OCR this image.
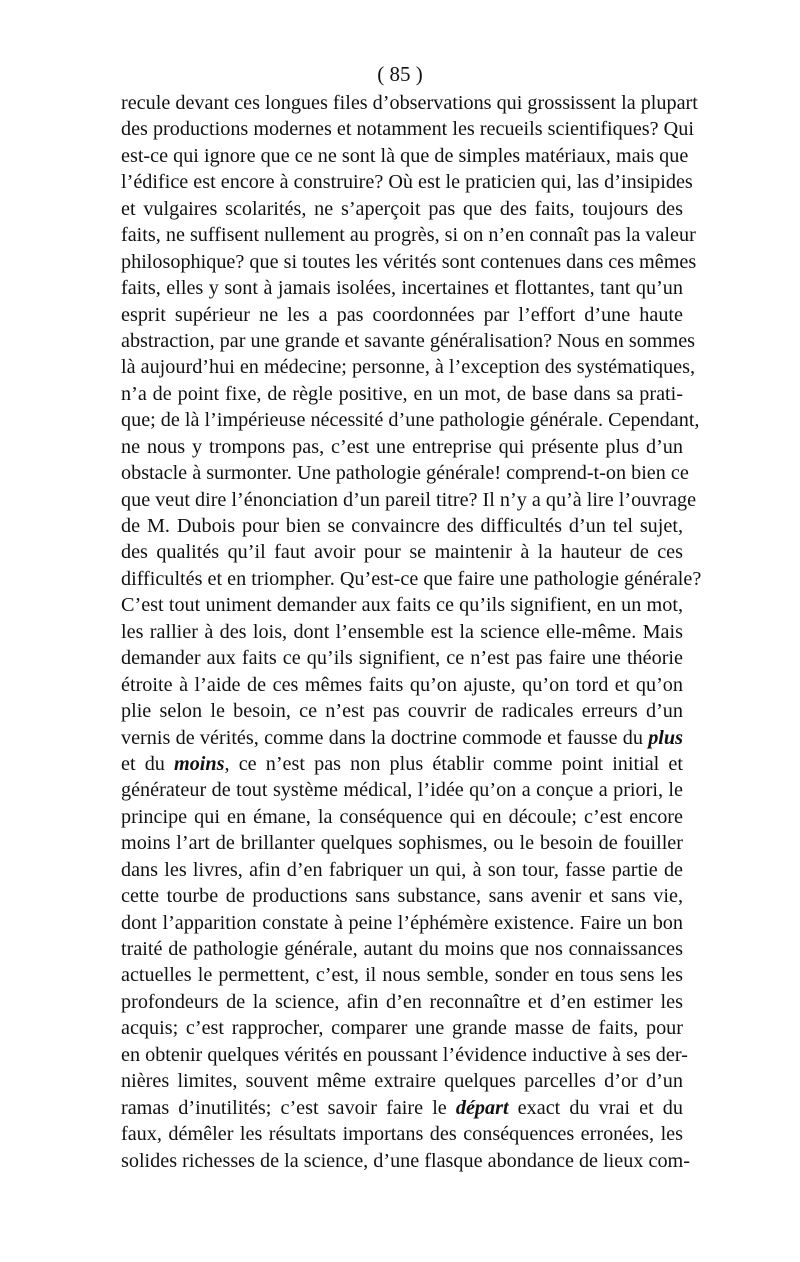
( 85 )
recule devant ces longues files d’observations qui grossissent la plupart
des productions modernes et notamment les recueils scientifiques? Qui
est-ce qui ignore que ce ne sont là que de simples matériaux, mais que
l’édifice est encore à construire? Où est le praticien qui, las d’insipides
et vulgaires scolarités, ne s’aperçoit pas que des faits, toujours des
faits, ne suffisent nullement au progrès, si on n’en connaît pas la valeur
philosophique? que si toutes les vérités sont contenues dans ces mêmes
faits, elles y sont à jamais isolées, incertaines et flottantes, tant qu’un
esprit supérieur ne les a pas coordonnées par l’effort d’une haute
abstraction, par une grande et savante généralisation? Nous en sommes
là aujourd’hui en médecine; personne, à l’exception des systématiques,
n’a de point fixe, de règle positive, en un mot, de base dans sa prati-
que; de là l’impérieuse nécessité d’une pathologie générale. Cependant,
ne nous y trompons pas, c’est une entreprise qui présente plus d’un
obstacle à surmonter. Une pathologie générale! comprend-t-on bien ce
que veut dire l’énonciation d’un pareil titre? Il n’y a qu’à lire l’ouvrage
de M. Dubois pour bien se convaincre des difficultés d’un tel sujet,
des qualités qu’il faut avoir pour se maintenir à la hauteur de ces
difficultés et en triompher. Qu’est-ce que faire une pathologie générale?
C’est tout uniment demander aux faits ce qu’ils signifient, en un mot,
les rallier à des lois, dont l’ensemble est la science elle-même. Mais
demander aux faits ce qu’ils signifient, ce n’est pas faire une théorie
étroite à l’aide de ces mêmes faits qu’on ajuste, qu’on tord et qu’on
plie selon le besoin, ce n’est pas couvrir de radicales erreurs d’un
vernis de vérités, comme dans la doctrine commode et fausse du plus
et du moins, ce n’est pas non plus établir comme point initial et
générateur de tout système médical, l’idée qu’on a conçue a priori, le
principe qui en émane, la conséquence qui en découle; c’est encore
moins l’art de brillanter quelques sophismes, ou le besoin de fouiller
dans les livres, afin d’en fabriquer un qui, à son tour, fasse partie de
cette tourbe de productions sans substance, sans avenir et sans vie,
dont l’apparition constate à peine l’éphémère existence. Faire un bon
traité de pathologie générale, autant du moins que nos connaissances
actuelles le permettent, c’est, il nous semble, sonder en tous sens les
profondeurs de la science, afin d’en reconnaître et d’en estimer les
acquis; c’est rapprocher, comparer une grande masse de faits, pour
en obtenir quelques vérités en poussant l’évidence inductive à ses der-
nières limites, souvent même extraire quelques parcelles d’or d’un
ramas d’inutilités; c’est savoir faire le départ exact du vrai et du
faux, démêler les résultats importans des conséquences erronées, les
solides richesses de la science, d’une flasque abondance de lieux com-
